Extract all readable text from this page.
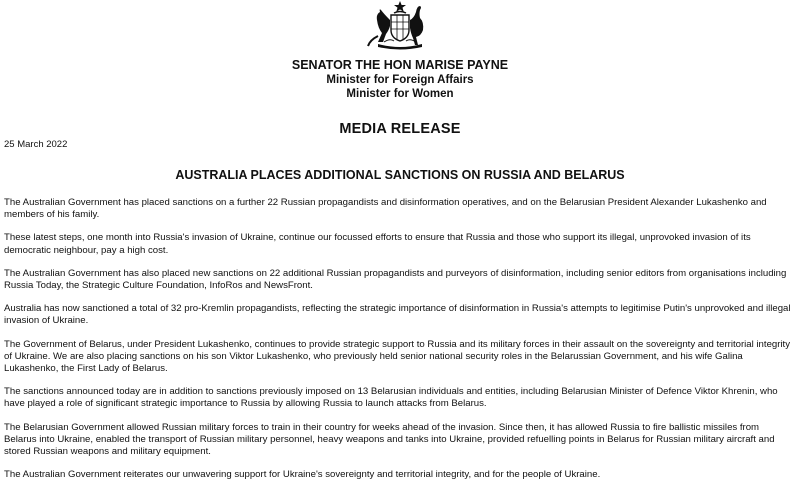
SENATOR THE HON MARISE PAYNE
Minister for Foreign Affairs
Minister for Women
MEDIA RELEASE
25 March 2022
AUSTRALIA PLACES ADDITIONAL SANCTIONS ON RUSSIA AND BELARUS

The Australian Government has placed sanctions on a further 22 Russian propagandists and disinformation operatives, and on the Belarusian President Alexander Lukashenko and members of his family.

These latest steps, one month into Russia's invasion of Ukraine, continue our focussed efforts to ensure that Russia and those who support its illegal, unprovoked invasion of its democratic neighbour, pay a high cost.

The Australian Government has also placed new sanctions on 22 additional Russian propagandists and purveyors of disinformation, including senior editors from organisations including Russia Today, the Strategic Culture Foundation, InfoRos and NewsFront.

Australia has now sanctioned a total of 32 pro-Kremlin propagandists, reflecting the strategic importance of disinformation in Russia's attempts to legitimise Putin's unprovoked and illegal invasion of Ukraine.

The Government of Belarus, under President Lukashenko, continues to provide strategic support to Russia and its military forces in their assault on the sovereignty and territorial integrity of Ukraine. We are also placing sanctions on his son Viktor Lukashenko, who previously held senior national security roles in the Belarussian Government, and his wife Galina Lukashenko, the First Lady of Belarus.

The sanctions announced today are in addition to sanctions previously imposed on 13 Belarusian individuals and entities, including Belarusian Minister of Defence Viktor Khrenin, who have played a role of significant strategic importance to Russia by allowing Russia to launch attacks from Belarus.

The Belarusian Government allowed Russian military forces to train in their country for weeks ahead of the invasion. Since then, it has allowed Russia to fire ballistic missiles from Belarus into Ukraine, enabled the transport of Russian military personnel, heavy weapons and tanks into Ukraine, provided refuelling points in Belarus for Russian military aircraft and stored Russian weapons and military equipment.

The Australian Government reiterates our unwavering support for Ukraine's sovereignty and territorial integrity, and for the people of Ukraine.
